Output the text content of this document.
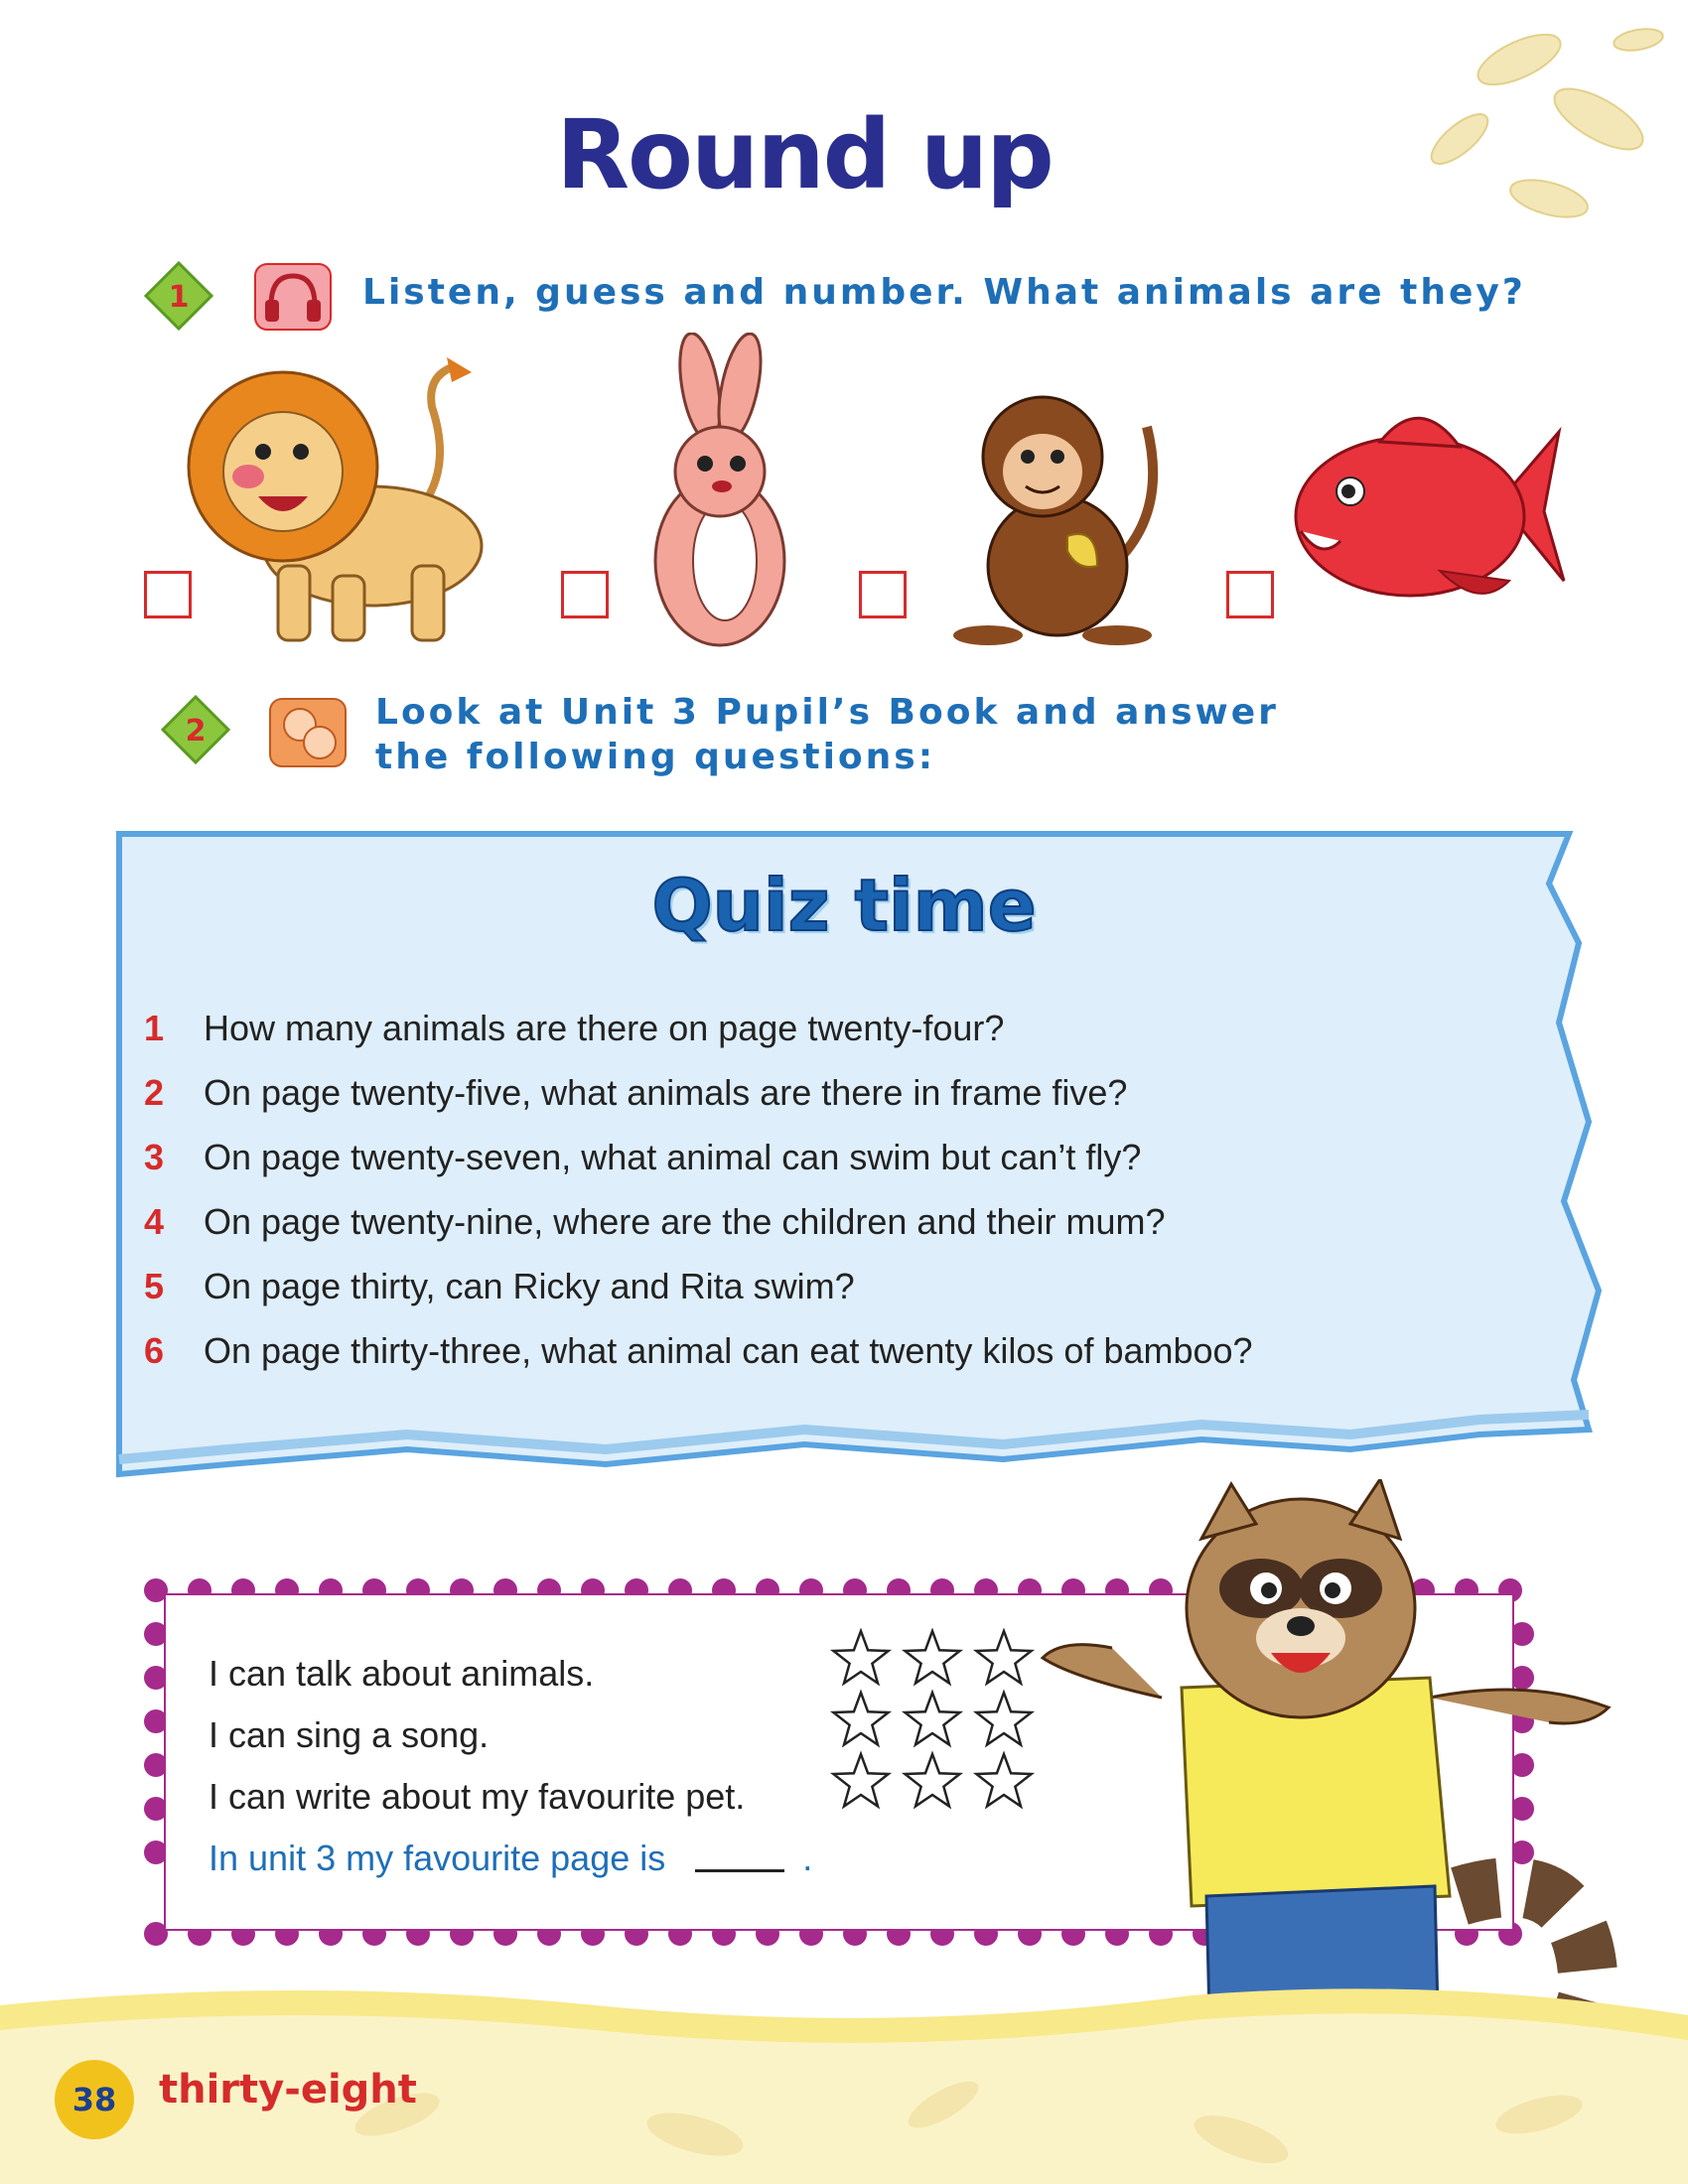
Round up
1	Listen, guess and number. What animals are they?
2	Look at Unit 3 Pupil’s Book and answer
the following questions:
Quiz time
1	How many animals are there on page twenty-four?
2	On page twenty-five, what animals are there in frame five?
3	On page twenty-seven, what animal can swim but can’t fly?
4	On page twenty-nine, where are the children and their mum?
5	On page thirty, can Ricky and Rita swim?
6	On page thirty-three, what animal can eat twenty kilos of bamboo?
I can talk about animals.
I can sing a song.
I can write about my favourite pet.
In unit 3 my favourite page is	.
38	thirty-eight
